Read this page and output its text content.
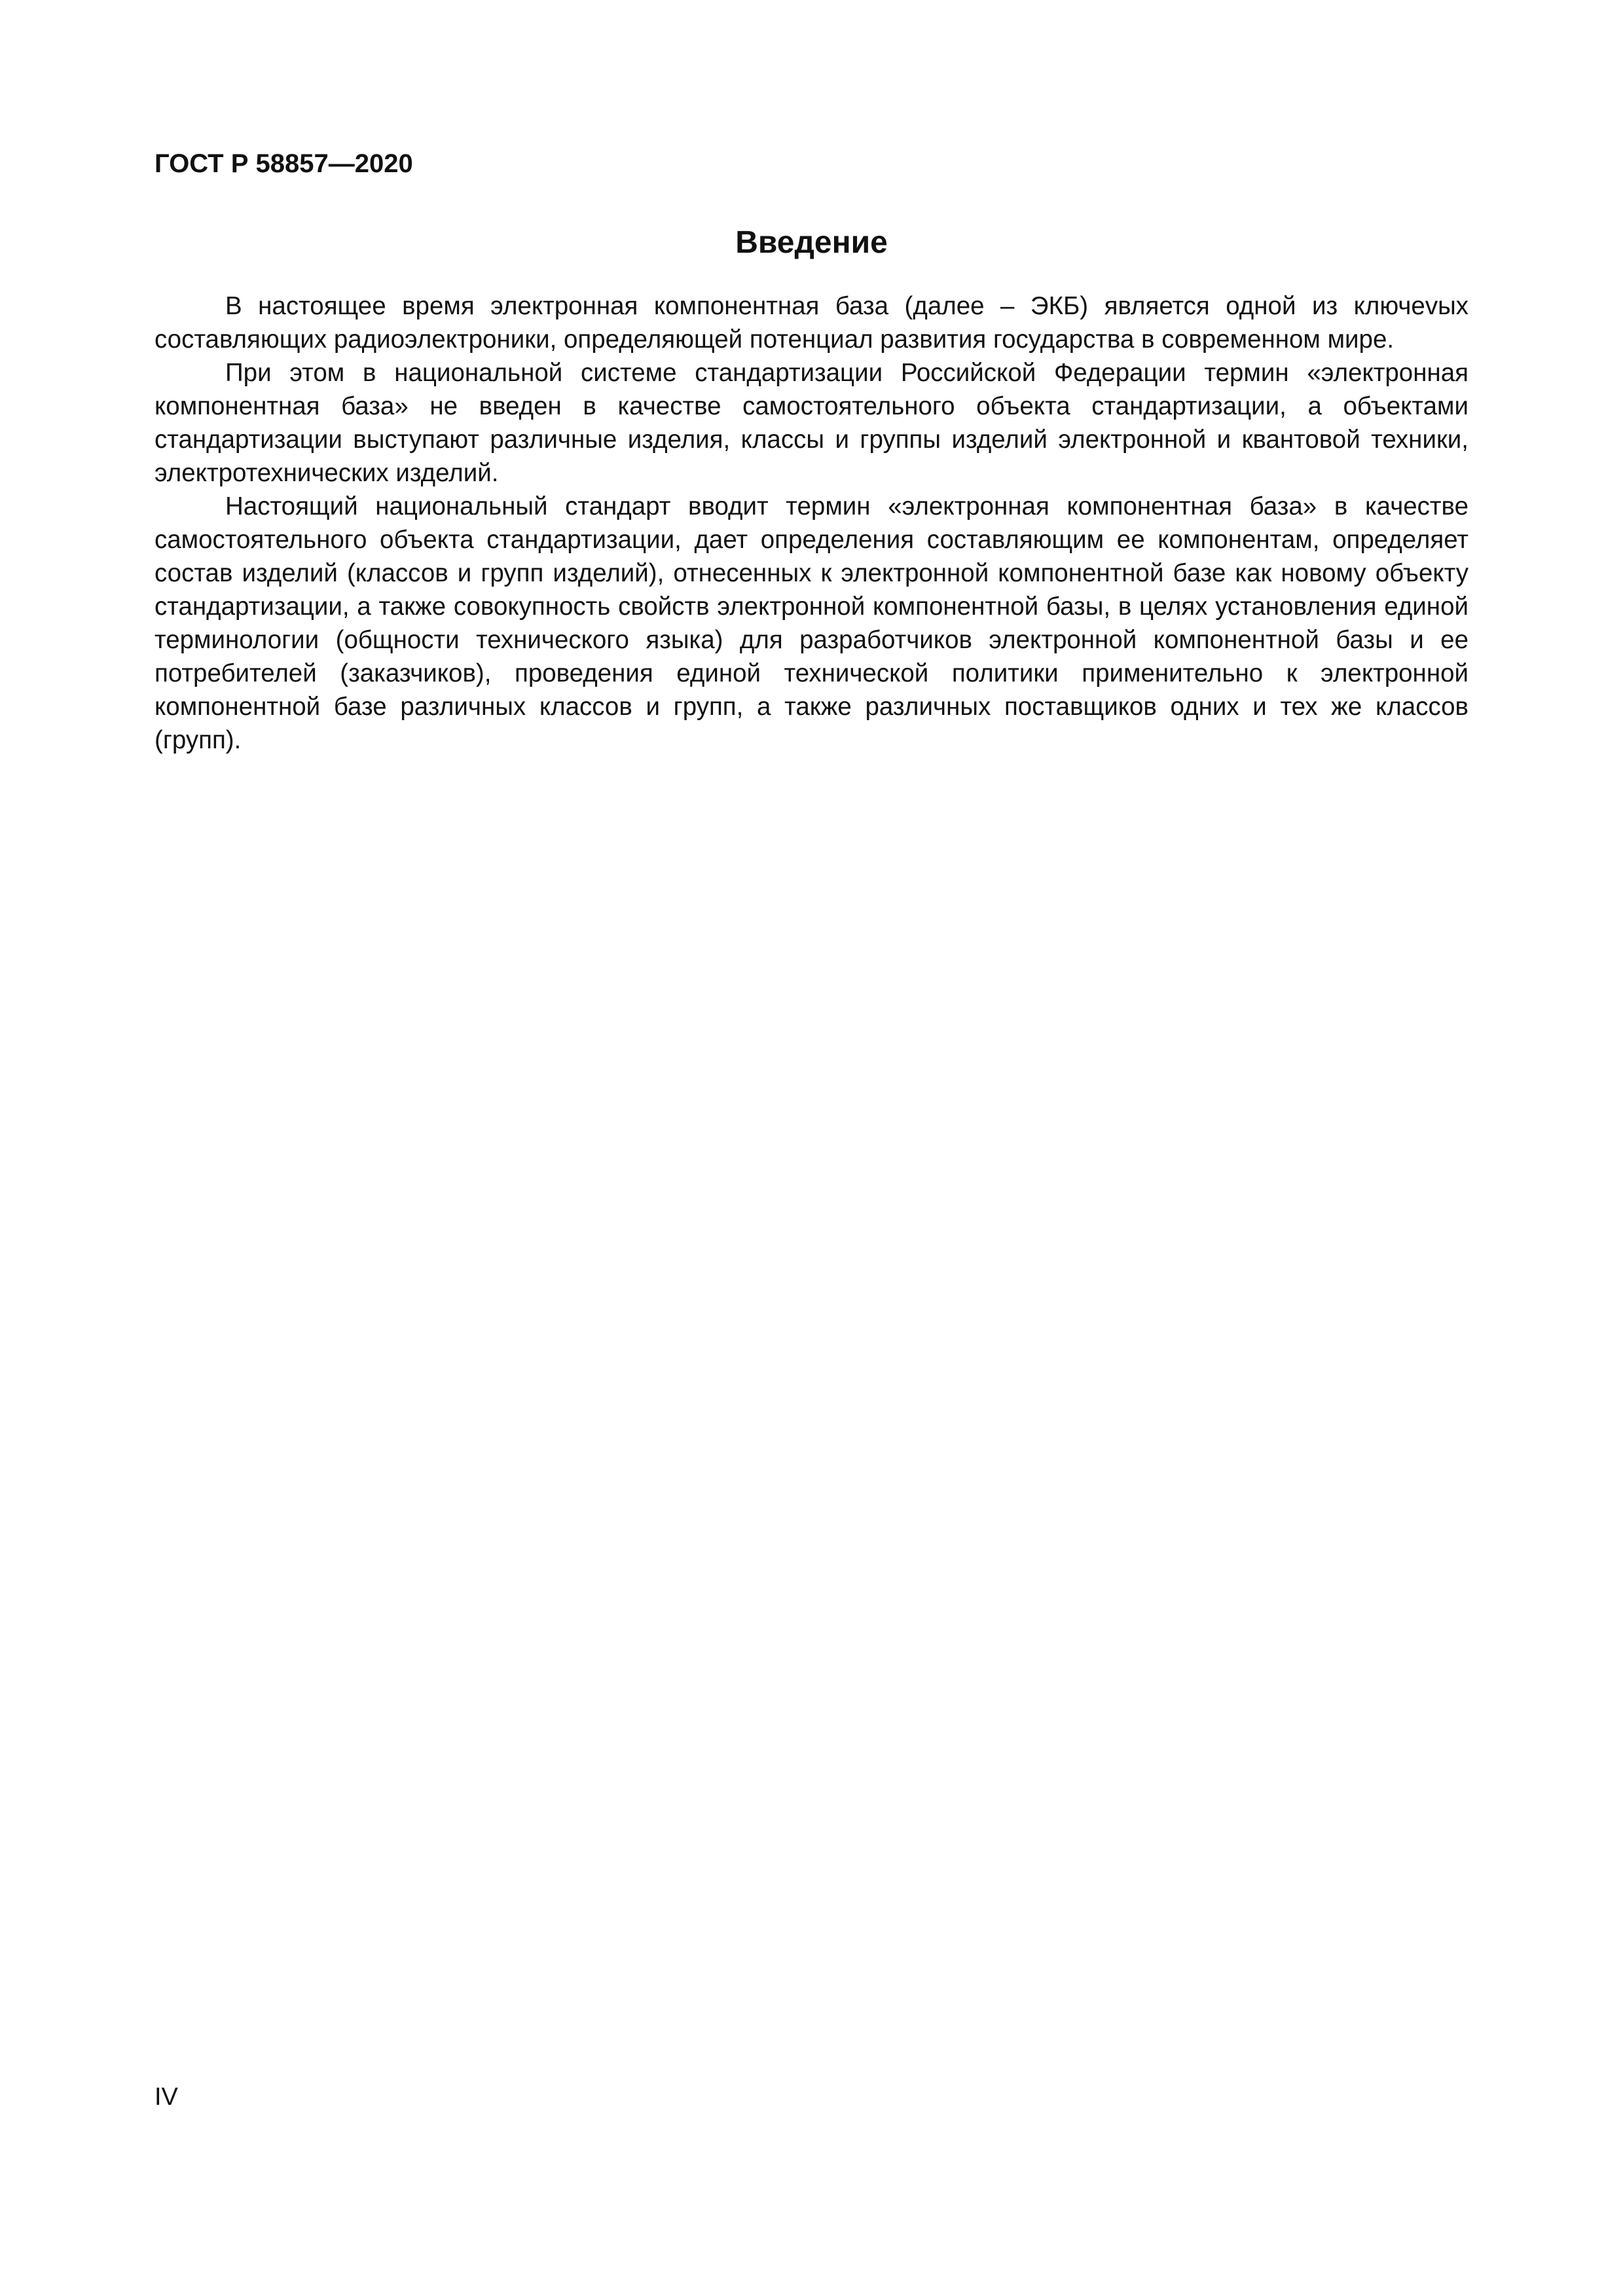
ГОСТ Р 58857—2020

Введение

В настоящее время электронная компонентная база (далее – ЭКБ) является одной из ключеvых составляющих радиоэлектроники, определяющей потенциал развития государства в современном мире.

При этом в национальной системе стандартизации Российской Федерации термин «электронная компонентная база» не введен в качестве самостоятельного объекта стандартизации, а объектами стандартизации выступают различные изделия, классы и группы изделий электронной и квантовой техники, электротехнических изделий.

Настоящий национальный стандарт вводит термин «электронная компонентная база» в качестве самостоятельного объекта стандартизации, дает определения составляющим ее компонентам, определяет состав изделий (классов и групп изделий), отнесенных к электронной компонентной базе как новому объекту стандартизации, а также совокупность свойств электронной компонентной базы, в целях установления единой терминологии (общности технического языка) для разработчиков электронной компонентной базы и ее потребителей (заказчиков), проведения единой технической политики применительно к электронной компонентной базе различных классов и групп, а также различных поставщиков одних и тех же классов (групп).

IV
